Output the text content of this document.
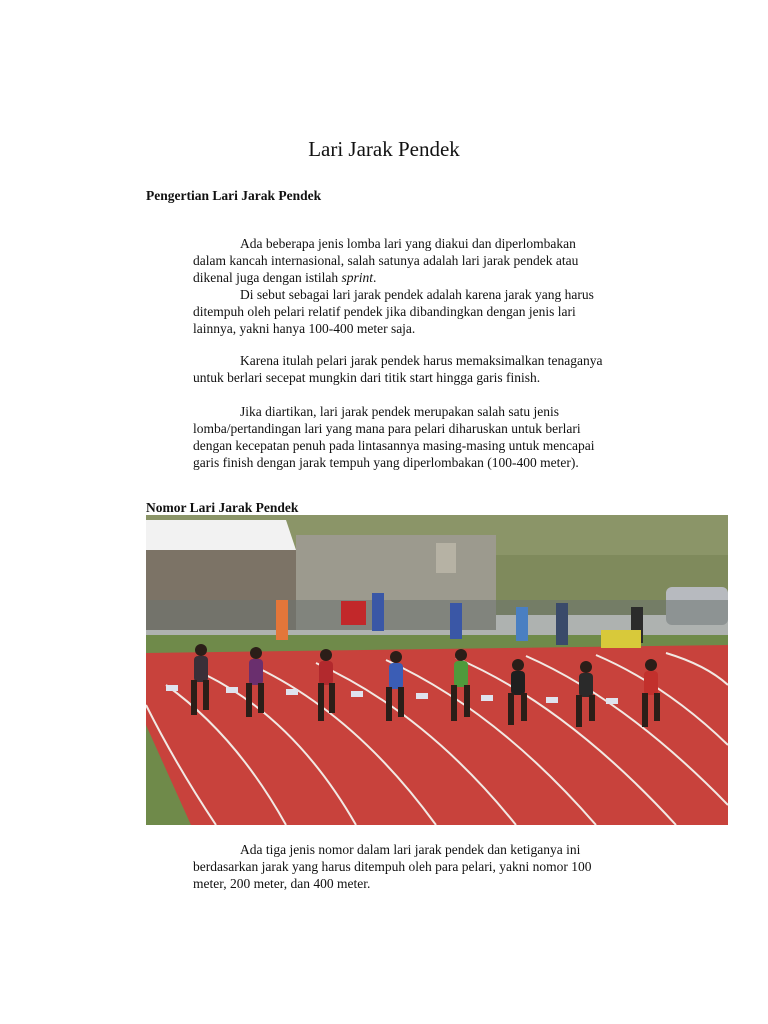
Lari Jarak Pendek
Pengertian Lari Jarak Pendek
Ada beberapa jenis lomba lari yang diakui dan diperlombakan
dalam kancah internasional, salah satunya adalah lari jarak pendek atau
dikenal juga dengan istilah sprint.
Di sebut sebagai lari jarak pendek adalah karena jarak yang harus
ditempuh oleh pelari relatif pendek jika dibandingkan dengan jenis lari
lainnya, yakni hanya 100-400 meter saja.
Karena itulah pelari jarak pendek harus memaksimalkan tenaganya
untuk berlari secepat mungkin dari titik start hingga garis finish.
Jika diartikan, lari jarak pendek merupakan salah satu jenis
lomba/pertandingan lari yang mana para pelari diharuskan untuk berlari
dengan kecepatan penuh pada lintasannya masing-masing untuk mencapai
garis finish dengan jarak tempuh yang diperlombakan (100-400 meter).
Nomor Lari Jarak Pendek
Ada tiga jenis nomor dalam lari jarak pendek dan ketiganya ini
berdasarkan jarak yang harus ditempuh oleh para pelari, yakni nomor 100
meter, 200 meter, dan 400 meter.
